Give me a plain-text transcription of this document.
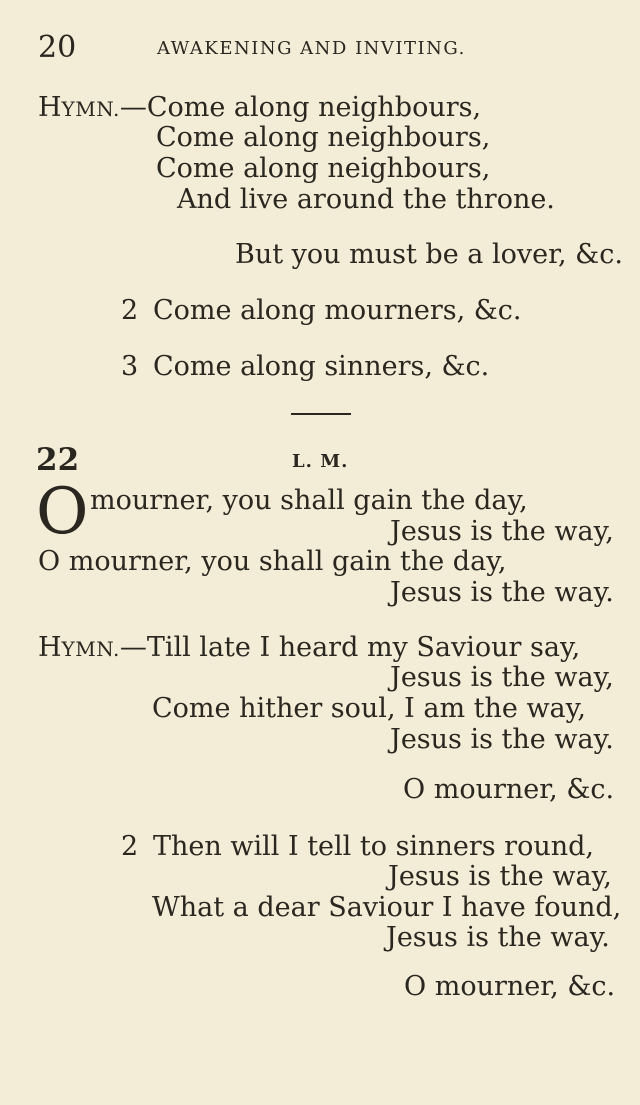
20	AWAKENING AND INVITING.
HYMN.—Come along neighbours,
Come along neighbours,
Come along neighbours,
And live around the throne.
But you must be a lover, &c.
2 Come along mourners, &c.
3 Come along sinners, &c.
22	L. M.
O mourner, you shall gain the day,
Jesus is the way,
O mourner, you shall gain the day,
Jesus is the way.
HYMN.—Till late I heard my Saviour say,
Jesus is the way,
Come hither soul, I am the way,
Jesus is the way.
O mourner, &c.
2 Then will I tell to sinners round,
Jesus is the way,
What a dear Saviour I have found,
Jesus is the way.
O mourner, &c.
